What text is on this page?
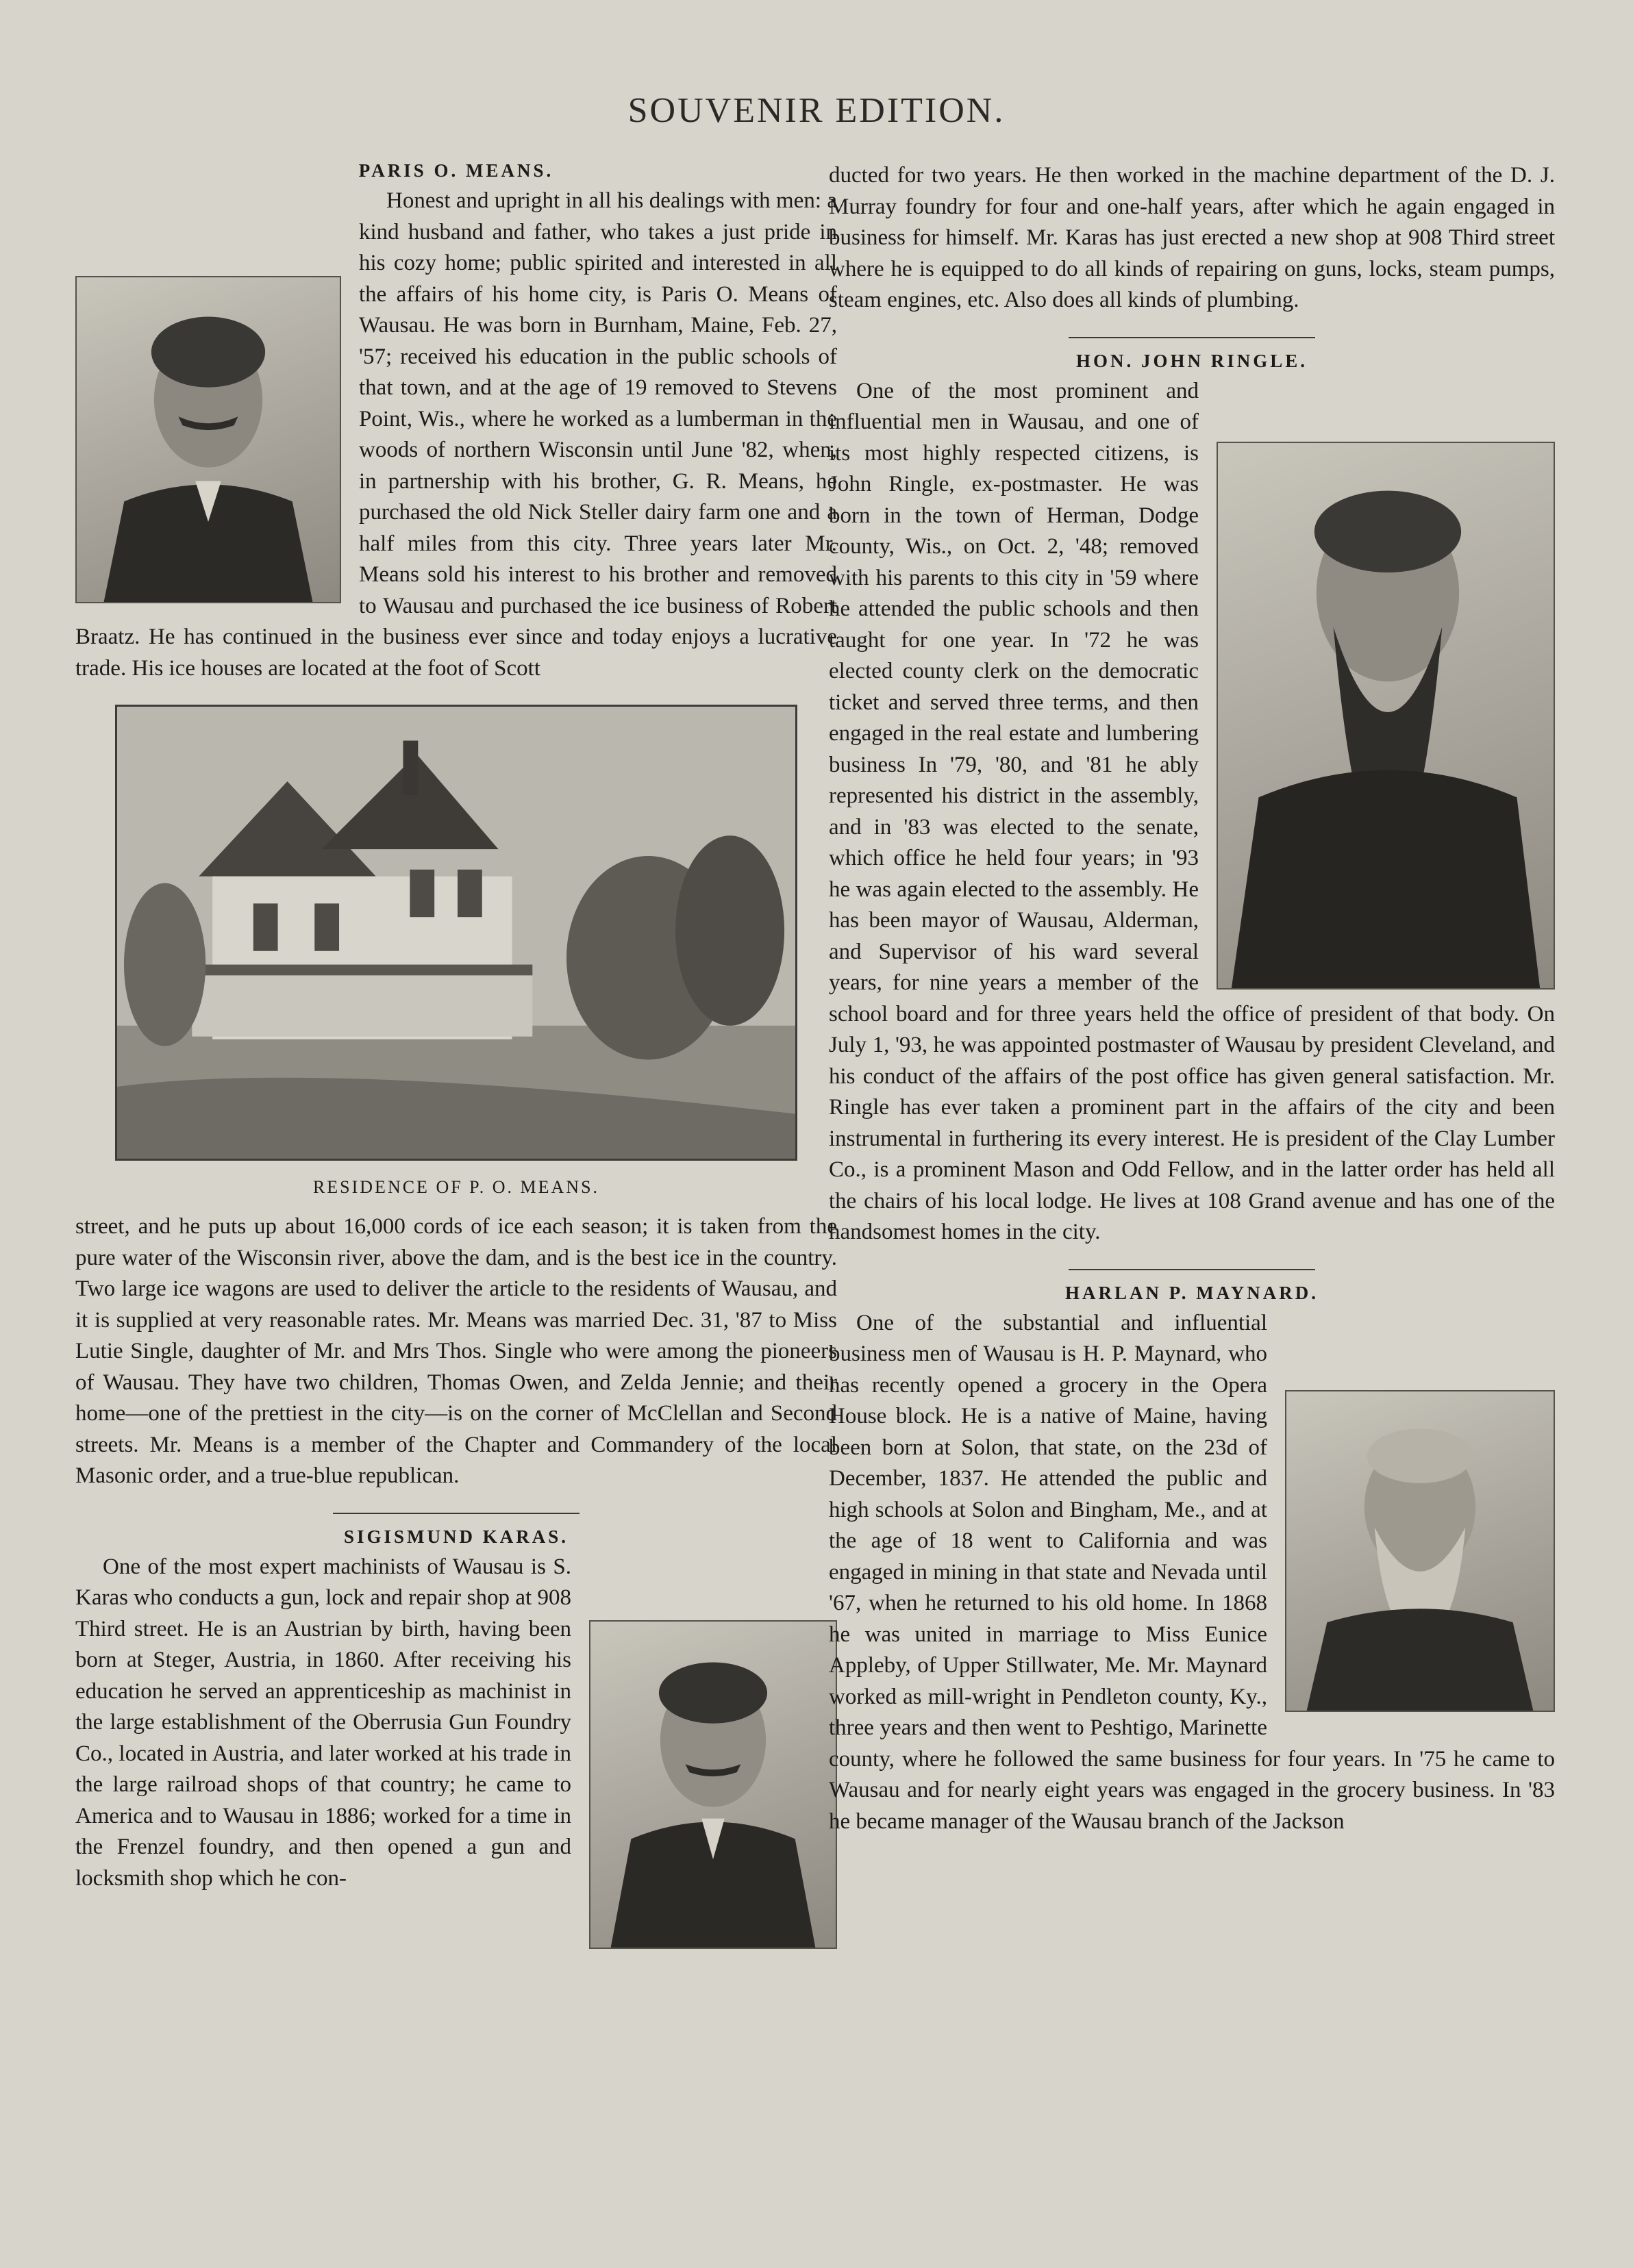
SOUVENIR EDITION.
PARIS O. MEANS.

Honest and upright in all his dealings with men: a kind husband and father, who takes a just pride in his cozy home; public spirited and interested in all the affairs of his home city, is Paris O. Means of Wausau. He was born in Burnham, Maine, Feb. 27, '57; received his education in the public schools of that town, and at the age of 19 removed to Stevens Point, Wis., where he worked as a lumberman in the woods of northern Wisconsin until June '82, when, in partnership with his brother, G. R. Means, he purchased the old Nick Steller dairy farm one and a half miles from this city. Three years later Mr. Means sold his interest to his brother and removed to Wausau and purchased the ice business of Robert Braatz. He has continued in the business ever since and today enjoys a lucrative trade. His ice houses are located at the foot of Scott

RESIDENCE OF P. O. MEANS.

street, and he puts up about 16,000 cords of ice each season; it is taken from the pure water of the Wisconsin river, above the dam, and is the best ice in the country. Two large ice wagons are used to deliver the article to the residents of Wausau, and it is supplied at very reasonable rates. Mr. Means was married Dec. 31, '87 to Miss Lutie Single, daughter of Mr. and Mrs Thos. Single who were among the pioneers of Wausau. They have two children, Thomas Owen, and Zelda Jennie; and their home—one of the prettiest in the city—is on the corner of McClellan and Second streets. Mr. Means is a member of the Chapter and Commandery of the local Masonic order, and a true-blue republican.

SIGISMUND KARAS.

One of the most expert machinists of Wausau is S. Karas who conducts a gun, lock and repair shop at 908 Third street. He is an Austrian by birth, having been born at Steger, Austria, in 1860. After receiving his education he served an apprenticeship as machinist in the large establishment of the Oberrusia Gun Foundry Co., located in Austria, and later worked at his trade in the large railroad shops of that country; he came to America and to Wausau in 1886; worked for a time in the Frenzel foundry, and then opened a gun and locksmith shop which he con-

ducted for two years. He then worked in the machine department of the D. J. Murray foundry for four and one-half years, after which he again engaged in business for himself. Mr. Karas has just erected a new shop at 908 Third street where he is equipped to do all kinds of repairing on guns, locks, steam pumps, steam engines, etc. Also does all kinds of plumbing.

HON. JOHN RINGLE.

One of the most prominent and influential men in Wausau, and one of its most highly respected citizens, is John Ringle, ex-postmaster. He was born in the town of Herman, Dodge county, Wis., on Oct. 2, '48; removed with his parents to this city in '59 where he attended the public schools and then taught for one year. In '72 he was elected county clerk on the democratic ticket and served three terms, and then engaged in the real estate and lumbering business In '79, '80, and '81 he ably represented his district in the assembly, and in '83 was elected to the senate, which office he held four years; in '93 he was again elected to the assembly. He has been mayor of Wausau, Alderman, and Supervisor of his ward several years, for nine years a member of the school board and for three years held the office of president of that body. On July 1, '93, he was appointed postmaster of Wausau by president Cleveland, and his conduct of the affairs of the post office has given general satisfaction. Mr. Ringle has ever taken a prominent part in the affairs of the city and been instrumental in furthering its every interest. He is president of the Clay Lumber Co., is a prominent Mason and Odd Fellow, and in the latter order has held all the chairs of his local lodge. He lives at 108 Grand avenue and has one of the handsomest homes in the city.

HARLAN P. MAYNARD.

One of the substantial and influential business men of Wausau is H. P. Maynard, who has recently opened a grocery in the Opera House block. He is a native of Maine, having been born at Solon, that state, on the 23d of December, 1837. He attended the public and high schools at Solon and Bingham, Me., and at the age of 18 went to California and was engaged in mining in that state and Nevada until '67, when he returned to his old home. In 1868 he was united in marriage to Miss Eunice Appleby, of Upper Stillwater, Me. Mr. Maynard worked as mill-wright in Pendleton county, Ky., three years and then went to Peshtigo, Marinette county, where he followed the same business for four years. In '75 he came to Wausau and for nearly eight years was engaged in the grocery business. In '83 he became manager of the Wausau branch of the Jackson
